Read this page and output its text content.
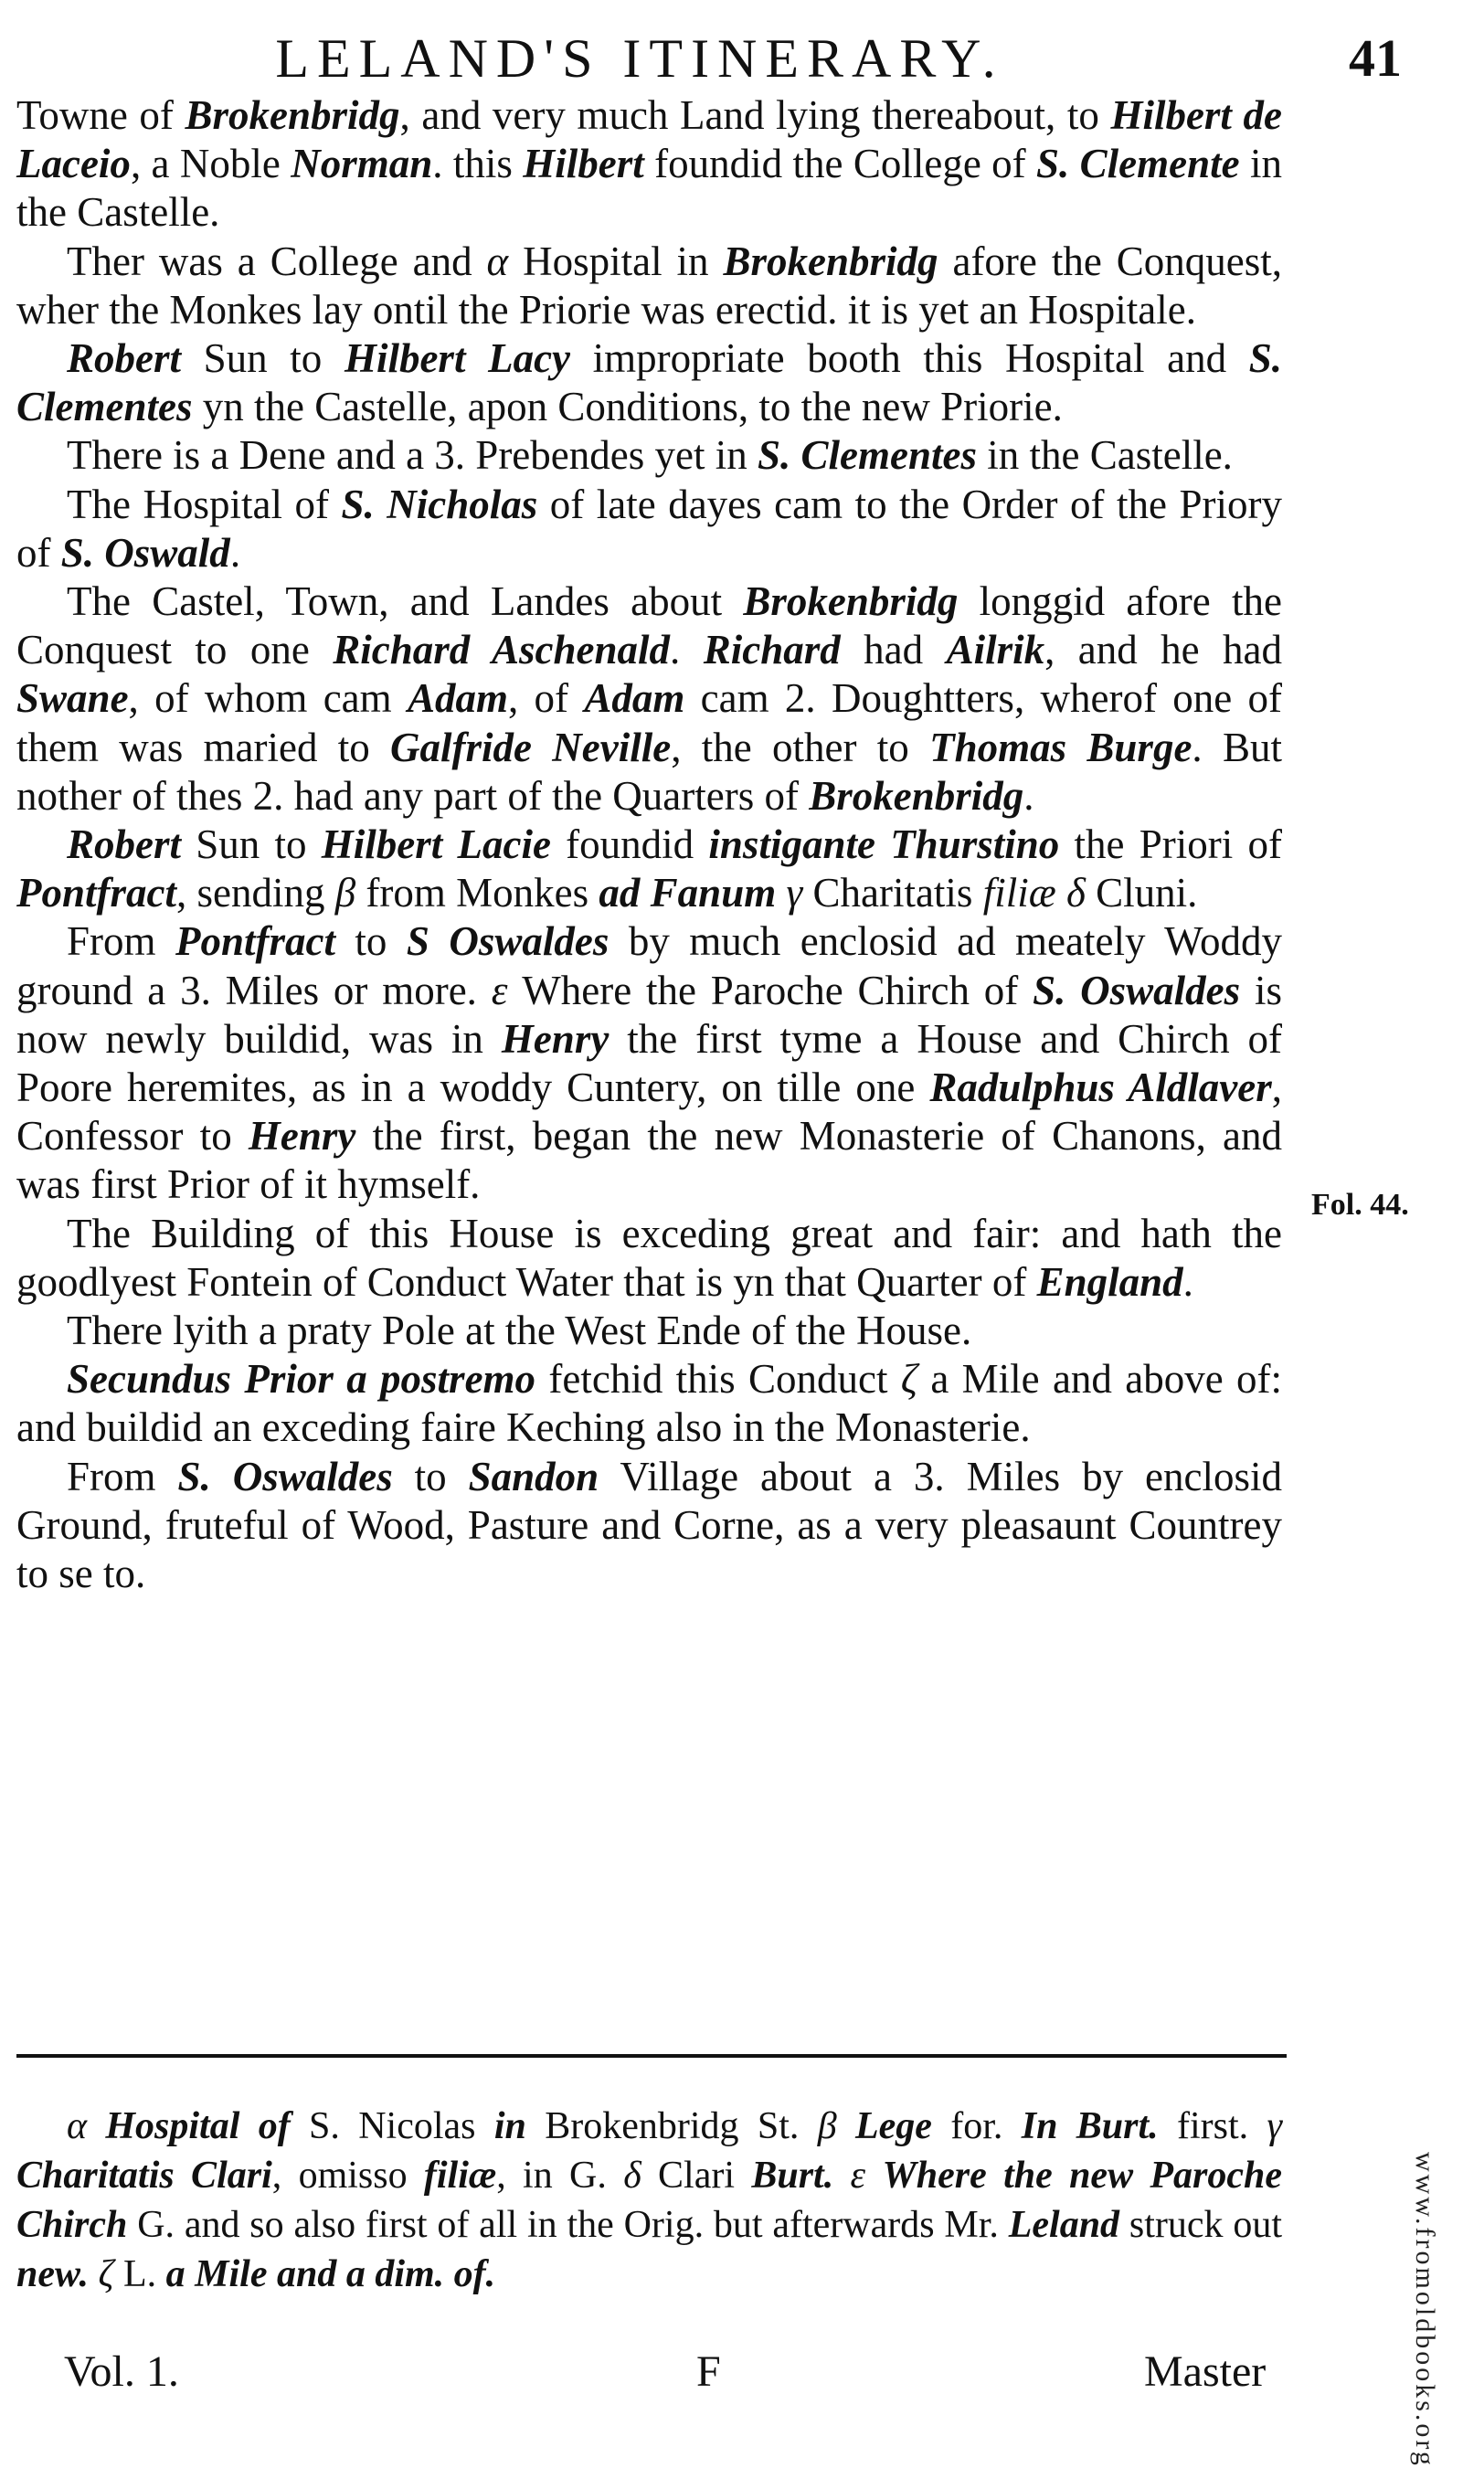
LELAND'S ITINERARY.	41

Towne of Brokenbridg, and very much Land lying thereabout, to Hilbert de Laceio, a Noble Norman. this Hilbert foundid the College of S. Clemente in the Castelle.

Ther was a College and α Hospital in Brokenbridg afore the Conquest, wher the Monkes lay ontil the Priorie was erectid. it is yet an Hospitale.

Robert Sun to Hilbert Lacy impropriate booth this Hospital and S. Clementes yn the Castelle, apon Conditions, to the new Priorie.

There is a Dene and a 3. Prebendes yet in S. Clementes in the Castelle.

The Hospital of S. Nicholas of late dayes cam to the Order of the Priory of S. Oswald.

The Castel, Town, and Landes about Brokenbridg longgid afore the Conquest to one Richard Aschenald. Richard had Ailrik, and he had Swane, of whom cam Adam, of Adam cam 2. Doughtters, wherof one of them was maried to Galfride Neville, the other to Thomas Burge. But nother of thes 2. had any part of the Quarters of Brokenbridg.

Robert Sun to Hilbert Lacie foundid instigante Thurstino the Priori of Pontfract, sending β from Monkes ad Fanum γ Charitatis filiæ δ Cluni.

From Pontfract to S Oswaldes by much enclosid ad meately Woddy ground a 3. Miles or more. ε Where the Paroche Chirch of S. Oswaldes is now newly buildid, was in Henry the first tyme a House and Chirch of Poore heremites, as in a woddy Cuntery, on tille one Radulphus Aldlaver, Confessor to Henry the first, began the new Monasterie of Chanons, and was first Prior of it hymself.

The Building of this House is exceding great and fair: and hath the goodlyest Fontein of Conduct Water that is yn that Quarter of England.

There lyith a praty Pole at the West Ende of the House.

Secundus Prior a postremo fetchid this Conduct ζ a Mile and above of: and buildid an exceding faire Keching also in the Monasterie.

From S. Oswaldes to Sandon Village about a 3. Miles by enclosid Ground, fruteful of Wood, Pasture and Corne, as a very pleasaunt Countrey to se to.

Fol. 44.

α Hospital of S. Nicolas in Brokenbridg St. β Lege for. In Burt. first. γ Charitatis Clari, omisso filiæ, in G. δ Clari Burt. ε Where the new Paroche Chirch G. and so also first of all in the Orig. but afterwards Mr. Leland struck out new. ζ L. a Mile and a dim. of.

Vol. 1.	F	Master	www.fromoldbooks.org
